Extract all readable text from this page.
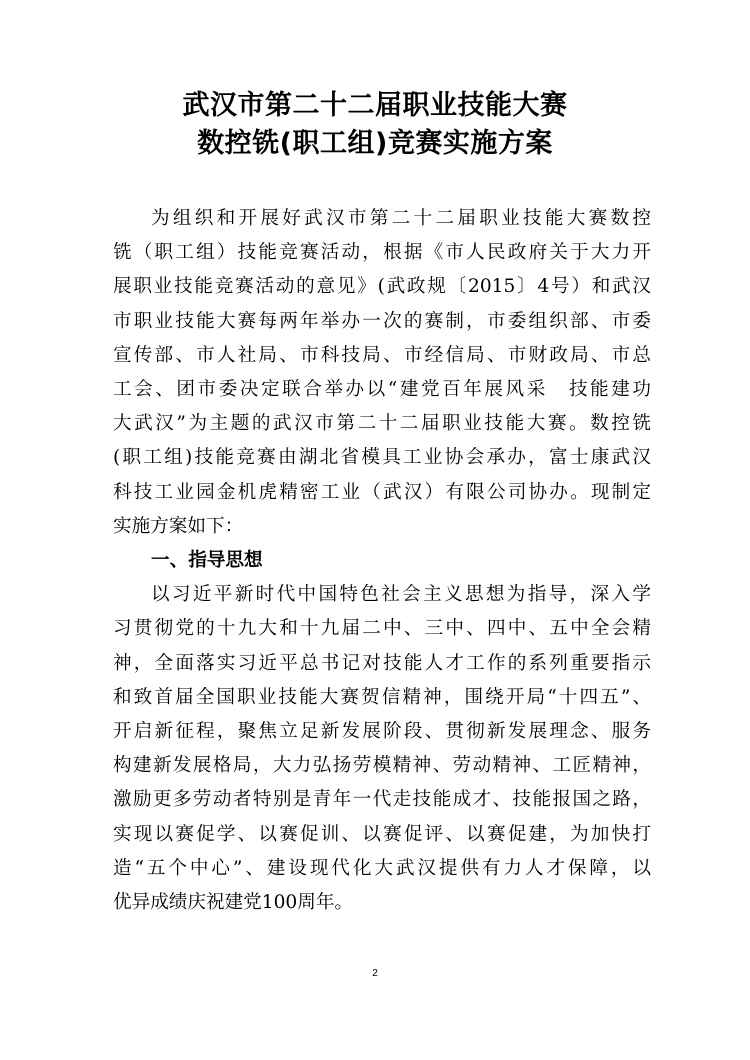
武汉市第二十二届职业技能大赛
数控铣(职工组)竞赛实施方案

为组织和开展好武汉市第二十二届职业技能大赛数控
铣（职工组）技能竞赛活动，根据《市人民政府关于大力开
展职业技能竞赛活动的意见》(武政规〔2015〕4号）和武汉
市职业技能大赛每两年举办一次的赛制，市委组织部、市委
宣传部、市人社局、市科技局、市经信局、市财政局、市总
工会、团市委决定联合举办以“建党百年展风采　技能建功
大武汉”为主题的武汉市第二十二届职业技能大赛。数控铣
(职工组)技能竞赛由湖北省模具工业协会承办，富士康武汉
科技工业园金机虎精密工业（武汉）有限公司协办。现制定
实施方案如下：

一、指导思想

以习近平新时代中国特色社会主义思想为指导，深入学
习贯彻党的十九大和十九届二中、三中、四中、五中全会精
神，全面落实习近平总书记对技能人才工作的系列重要指示
和致首届全国职业技能大赛贺信精神，围绕开局“十四五”、
开启新征程，聚焦立足新发展阶段、贯彻新发展理念、服务
构建新发展格局，大力弘扬劳模精神、劳动精神、工匠精神，
激励更多劳动者特别是青年一代走技能成才、技能报国之路，
实现以赛促学、以赛促训、以赛促评、以赛促建，为加快打
造“五个中心”、建设现代化大武汉提供有力人才保障，以
优异成绩庆祝建党100周年。

2
